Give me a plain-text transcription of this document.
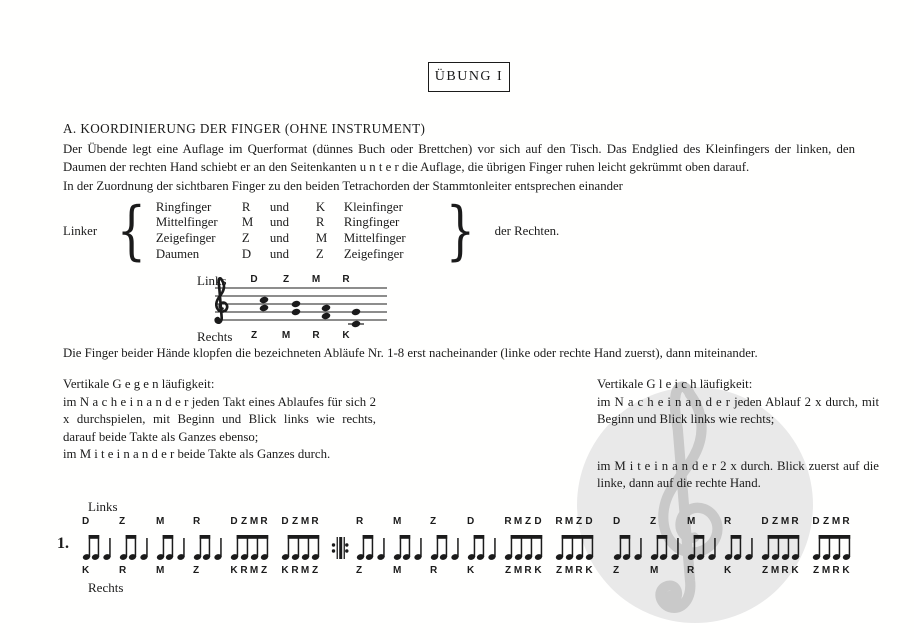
ÜBUNG I
A. KOORDINIERUNG DER FINGER (OHNE INSTRUMENT)

Der Übende legt eine Auflage im Querformat (dünnes Buch oder Brettchen) vor sich auf den Tisch. Das Endglied des Kleinfingers der linken, den Daumen der rechten Hand schiebt er an den Seitenkanten u n t e r die Auflage, die übrigen Finger ruhen leicht gekrümmt oben darauf.

In der Zuordnung der sichtbaren Finger zu den beiden Tetrachorden der Stammtonleiter entsprechen einander

Linker { Ringfinger	R	und	K	Kleinfinger
Mittelfinger	M	und	R	Ringfinger
Zeigefinger	Z	und	M	Mittelfinger
Daumen	D	und	Z	Zeigefinger } der Rechten.
Links
Rechts
D	Z	M	R
Z	M	R	K

Die Finger beider Hände klopfen die bezeichneten Abläufe Nr. 1-8 erst nacheinander (linke oder rechte Hand zuerst), dann miteinander.

Vertikale G e g e n läufigkeit:

im N a c h e i n a n d e r jeden Takt eines Ablaufes für sich 2 x durchspielen, mit Beginn und Blick links wie rechts, darauf beide Takte als Ganzes ebenso;

im M i t e i n a n d e r beide Takte als Ganzes durch.

Vertikale G l e i c h läufigkeit:

im N a c h e i n a n d e r jeden Ablauf 2 x durch, mit Beginn und Blick links wie rechts;

im M i t e i n a n d e r 2 x durch. Blick zuerst auf die linke, dann auf die rechte Hand.

Links
1.
D
K
Z
R
M
M
R
Z
D Z M R
K R M Z
D Z M R
K R M Z
R
Z
M
M
Z
R
D
K
R M Z D
Z M R K
R M Z D
Z M R K
D
Z
Z
M
M
R
R
K
D Z M R
Z M R K
D Z M R
Z M R K
Rechts
